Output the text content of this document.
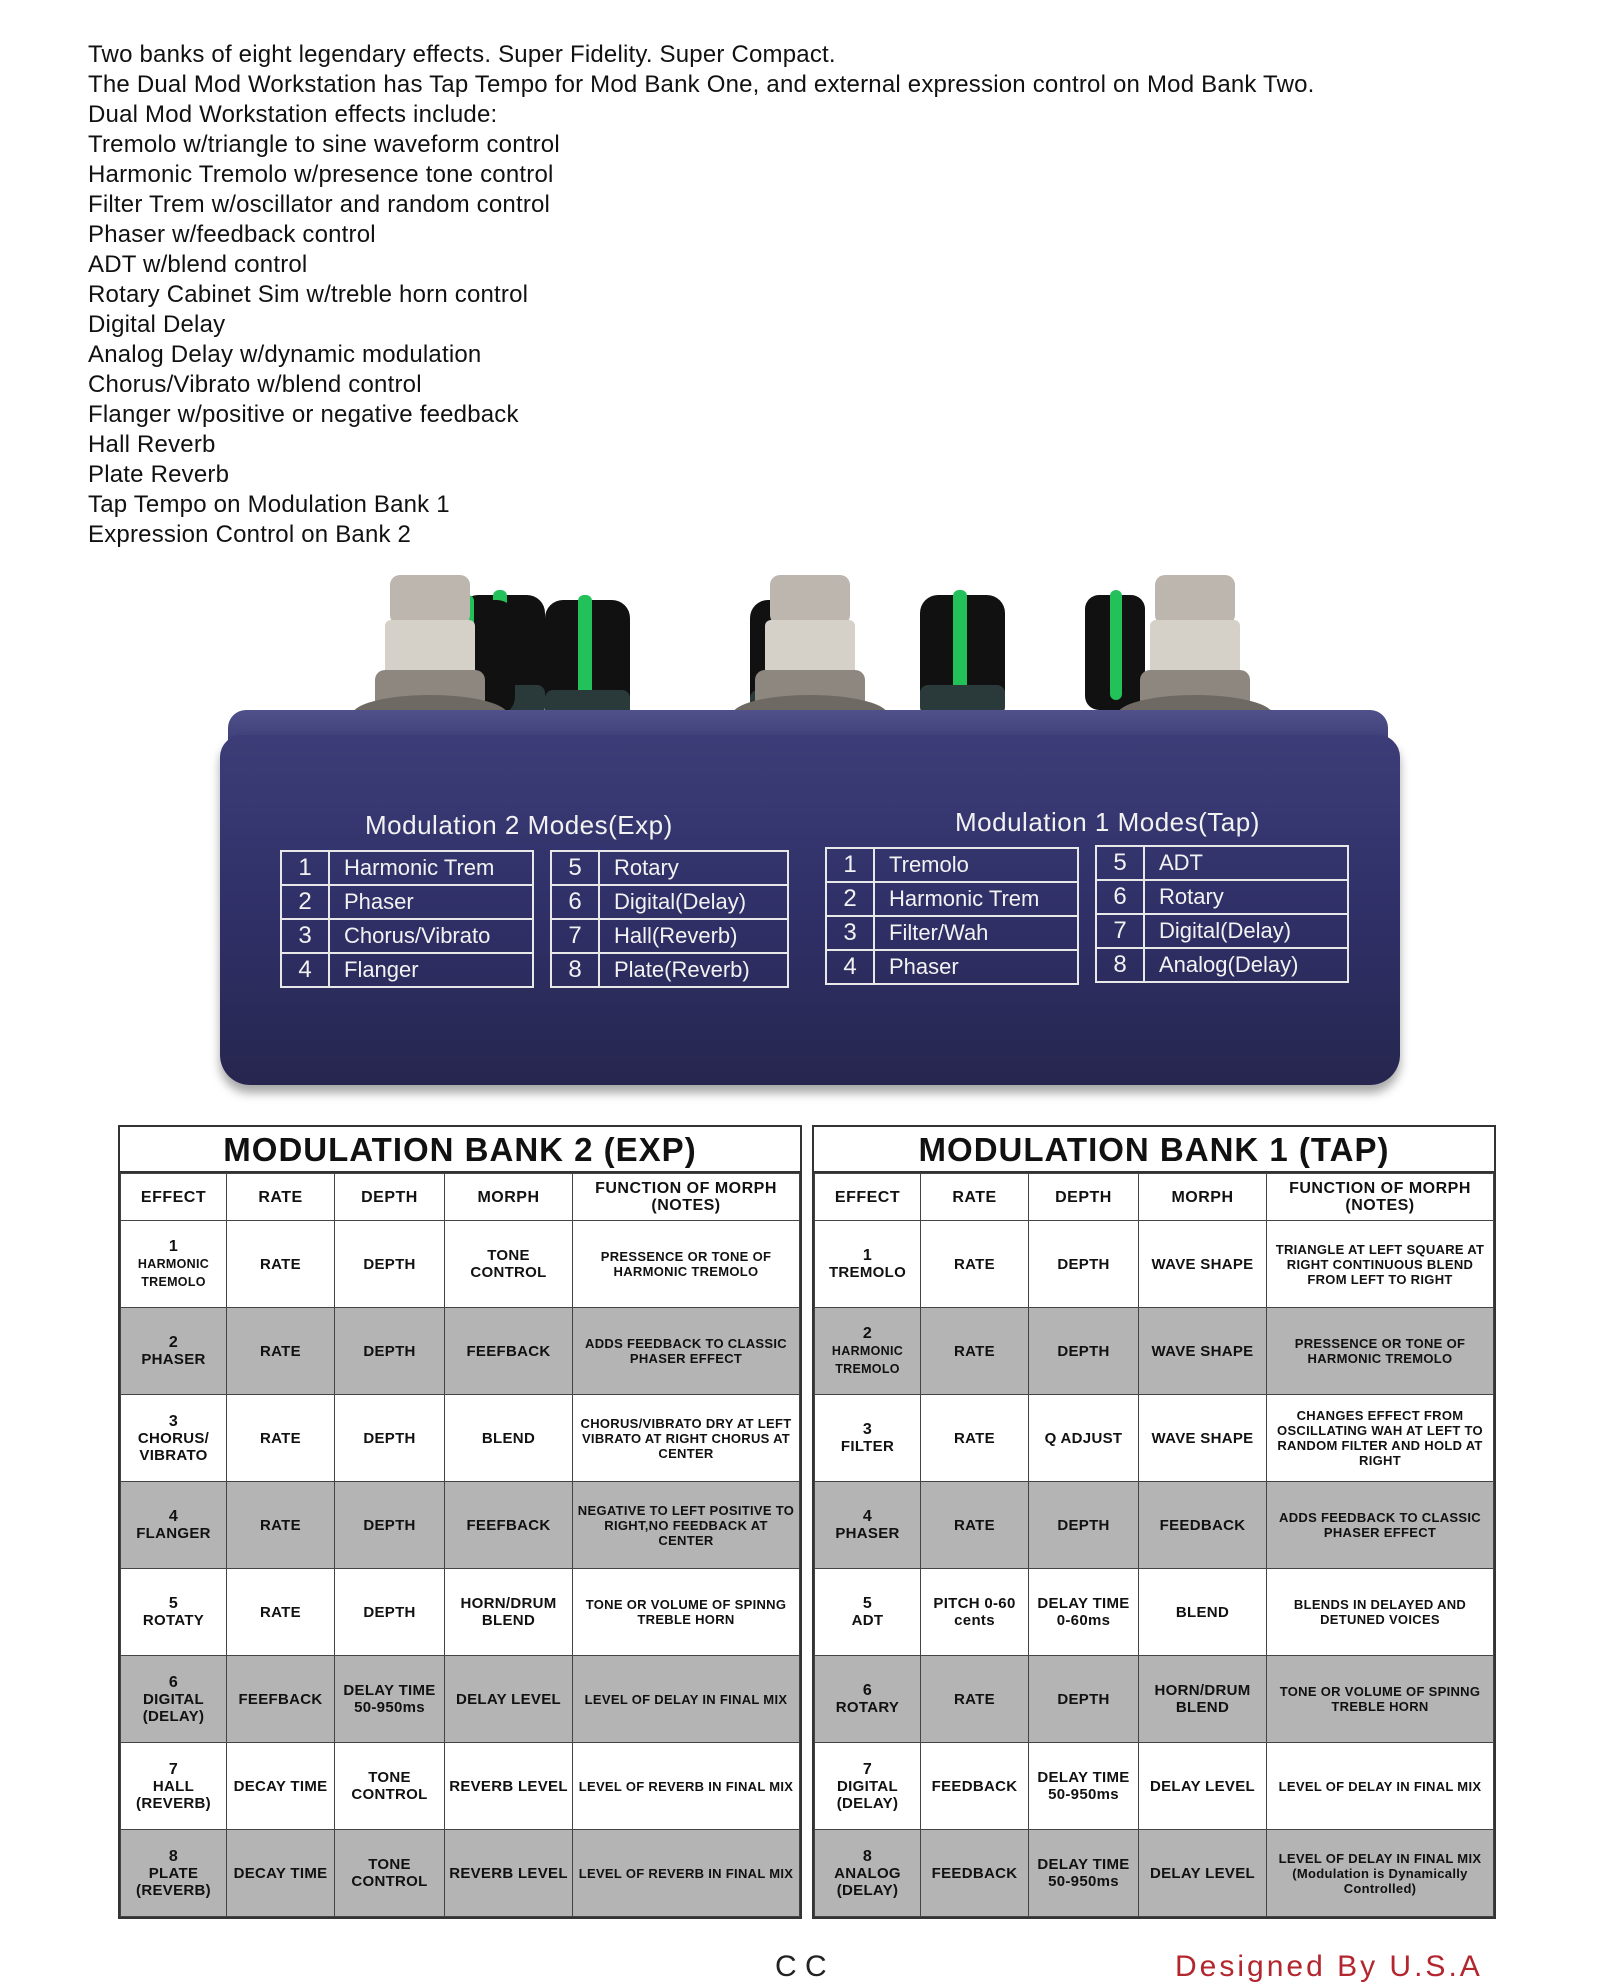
Two banks of eight legendary effects. Super Fidelity. Super Compact.
The Dual Mod Workstation has Tap Tempo for Mod Bank One, and external expression control on Mod Bank Two.
Dual Mod Workstation effects include:
Tremolo w/triangle to sine waveform control
Harmonic Tremolo w/presence tone control
Filter Trem w/oscillator and random control
Phaser w/feedback control
ADT w/blend control
Rotary Cabinet Sim w/treble horn control
Digital Delay
Analog Delay w/dynamic modulation
Chorus/Vibrato w/blend control
Flanger w/positive or negative feedback
Hall Reverb
Plate Reverb
Tap Tempo on Modulation Bank 1
Expression Control on Bank 2
Modulation 2 Modes(Exp)	Modulation 1 Modes(Tap)
1	Harmonic Trem
2	Phaser
3	Chorus/Vibrato
4	Flanger
5	Rotary
6	Digital(Delay)
7	Hall(Reverb)
8	Plate(Reverb)
1	Tremolo
2	Harmonic Trem
3	Filter/Wah
4	Phaser
5	ADT
6	Rotary
7	Digital(Delay)
8	Analog(Delay)
MODULATION BANK 2 (EXP)
EFFECT	RATE	DEPTH	MORPH	FUNCTION OF MORPH (NOTES)

1
HARMONIC TREMOLO	RATE	DEPTH	TONE CONTROL	PRESSENCE OR TONE OF HARMONIC TREMOLO

2
PHASER	RATE	DEPTH	FEEFBACK	ADDS FEEDBACK TO CLASSIC PHASER EFFECT

3
CHORUS/ VIBRATO	RATE	DEPTH	BLEND	CHORUS/VIBRATO DRY AT LEFT VIBRATO AT RIGHT CHORUS AT CENTER

4
FLANGER	RATE	DEPTH	FEEFBACK	NEGATIVE TO LEFT POSITIVE TO RIGHT,NO FEEDBACK AT CENTER

5
ROTATY	RATE	DEPTH	HORN/DRUM BLEND	TONE OR VOLUME OF SPINNG TREBLE HORN

6
DIGITAL (DELAY)	FEEFBACK	DELAY TIME 50-950ms	DELAY LEVEL	LEVEL OF DELAY IN FINAL MIX

7
HALL (REVERB)	DECAY TIME	TONE CONTROL	REVERB LEVEL	LEVEL OF REVERB IN FINAL MIX

8
PLATE (REVERB)	DECAY TIME	TONE CONTROL	REVERB LEVEL	LEVEL OF REVERB IN FINAL MIX
MODULATION BANK 1 (TAP)
EFFECT	RATE	DEPTH	MORPH	FUNCTION OF MORPH (NOTES)

1
TREMOLO	RATE	DEPTH	WAVE SHAPE	TRIANGLE AT LEFT SQUARE AT RIGHT CONTINUOUS BLEND FROM LEFT TO RIGHT

2
HARMONIC TREMOLO	RATE	DEPTH	WAVE SHAPE	PRESSENCE OR TONE OF HARMONIC TREMOLO

3
FILTER	RATE	Q ADJUST	WAVE SHAPE	CHANGES EFFECT FROM OSCILLATING WAH AT LEFT TO RANDOM FILTER AND HOLD AT RIGHT

4
PHASER	RATE	DEPTH	FEEDBACK	ADDS FEEDBACK TO CLASSIC PHASER EFFECT

5
ADT	PITCH 0-60 cents	DELAY TIME 0-60ms	BLEND	BLENDS IN DELAYED AND DETUNED VOICES

6
ROTARY	RATE	DEPTH	HORN/DRUM BLEND	TONE OR VOLUME OF SPINNG TREBLE HORN

7
DIGITAL (DELAY)	FEEDBACK	DELAY TIME 50-950ms	DELAY LEVEL	LEVEL OF DELAY IN FINAL MIX

8
ANALOG (DELAY)	FEEDBACK	DELAY TIME 50-950ms	DELAY LEVEL	LEVEL OF DELAY IN FINAL MIX (Modulation is Dynamically Controlled)
C C	Designed By U.S.A
